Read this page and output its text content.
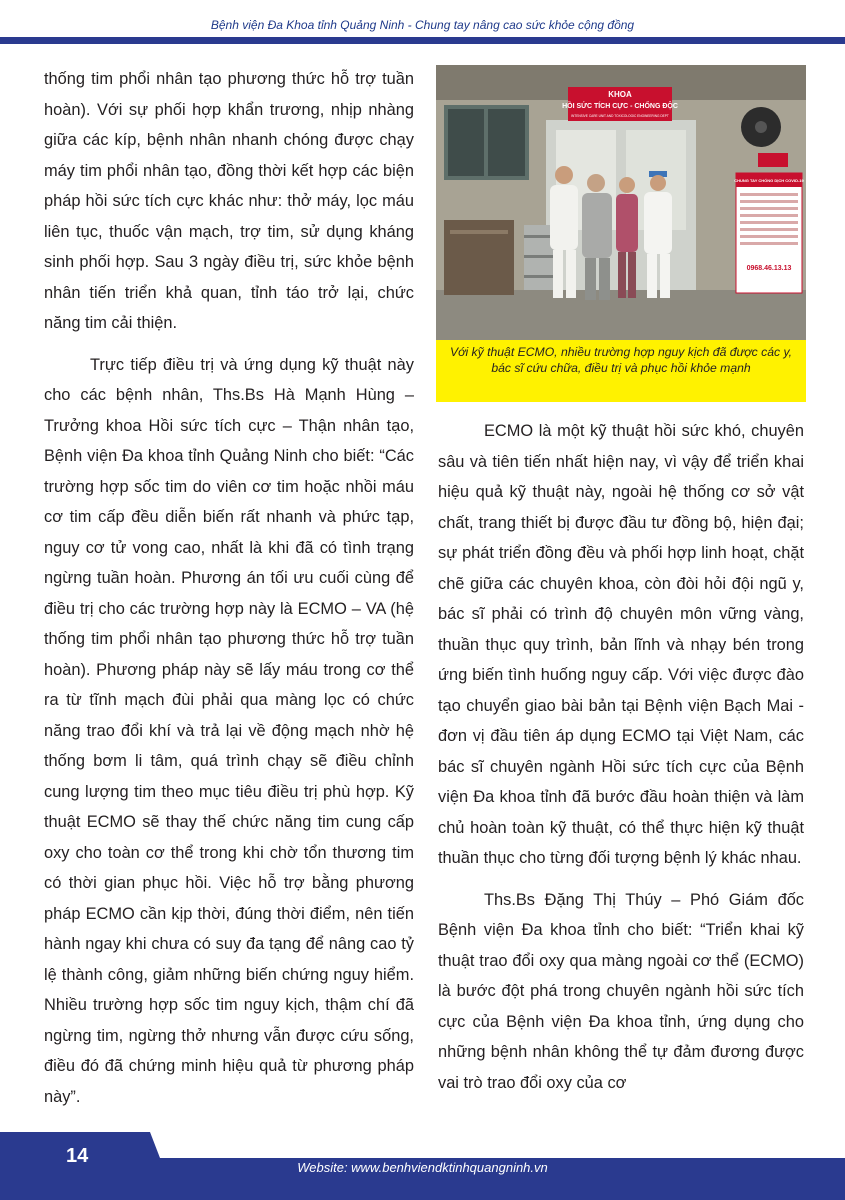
Bệnh viện Đa Khoa tỉnh Quảng Ninh - Chung tay nâng cao sức khỏe cộng đồng

thống tim phổi nhân tạo phương thức hỗ trợ tuần hoàn). Với sự phối hợp khẩn trương, nhịp nhàng giữa các kíp, bệnh nhân nhanh chóng được chạy máy tim phổi nhân tạo, đồng thời kết hợp các biện pháp hồi sức tích cực khác như: thở máy, lọc máu liên tục, thuốc vận mạch, trợ tim, sử dụng kháng sinh phối hợp. Sau 3 ngày điều trị, sức khỏe bệnh nhân tiến triển khả quan, tỉnh táo trở lại, chức năng tim cải thiện.

Trực tiếp điều trị và ứng dụng kỹ thuật này cho các bệnh nhân, Ths.Bs Hà Mạnh Hùng – Trưởng khoa Hồi sức tích cực – Thận nhân tạo, Bệnh viện Đa khoa tỉnh Quảng Ninh cho biết: “Các trường hợp sốc tim do viên cơ tim hoặc nhồi máu cơ tim cấp đều diễn biến rất nhanh và phức tạp, nguy cơ tử vong cao, nhất là khi đã có tình trạng ngừng tuần hoàn. Phương án tối ưu cuối cùng để điều trị cho các trường hợp này là ECMO – VA (hệ thống tim phổi nhân tạo phương thức hỗ trợ tuần hoàn). Phương pháp này sẽ lấy máu trong cơ thể ra từ tĩnh mạch đùi phải qua màng lọc có chức năng trao đổi khí và trả lại về động mạch nhờ hệ thống bơm li tâm, quá trình chạy sẽ điều chỉnh cung lượng tim theo mục tiêu điều trị phù hợp. Kỹ thuật ECMO sẽ thay thế chức năng tim cung cấp oxy cho toàn cơ thể trong khi chờ tổn thương tim có thời gian phục hồi. Việc hỗ trợ bằng phương pháp ECMO cần kịp thời, đúng thời điểm, nên tiến hành ngay khi chưa có suy đa tạng để nâng cao tỷ lệ thành công, giảm những biến chứng nguy hiểm. Nhiều trường hợp sốc tim nguy kịch, thậm chí đã ngừng tim, ngừng thở nhưng vẫn được cứu sống, điều đó đã chứng minh hiệu quả từ phương pháp này”.

KHOA
HỒI SỨC TÍCH CỰC - CHỐNG ĐỘC
INTENSIVE CARE UNIT AND TOXICOLOGIC ENGINEERING DEPT
CHUNG TAY CHỐNG DỊCH COVID-19
0968.46.13.13
Với kỹ thuật ECMO, nhiều trường hợp nguy kịch đã được các y, bác sĩ cứu chữa, điều trị và phục hồi khỏe mạnh

ECMO là một kỹ thuật hồi sức khó, chuyên sâu và tiên tiến nhất hiện nay, vì vậy để triển khai hiệu quả kỹ thuật này, ngoài hệ thống cơ sở vật chất, trang thiết bị được đầu tư đồng bộ, hiện đại; sự phát triển đồng đều và phối hợp linh hoạt, chặt chẽ giữa các chuyên khoa, còn đòi hỏi đội ngũ y, bác sĩ phải có trình độ chuyên môn vững vàng, thuần thục quy trình, bản lĩnh và nhạy bén trong ứng biến tình huống nguy cấp. Với việc được đào tạo chuyển giao bài bản tại Bệnh viện Bạch Mai - đơn vị đầu tiên áp dụng ECMO tại Việt Nam, các bác sĩ chuyên ngành Hồi sức tích cực của Bệnh viện Đa khoa tỉnh đã bước đầu hoàn thiện và làm chủ hoàn toàn kỹ thuật, có thể thực hiện kỹ thuật thuần thục cho từng đối tượng bệnh lý khác nhau.

Ths.Bs Đặng Thị Thúy – Phó Giám đốc Bệnh viện Đa khoa tỉnh cho biết: “Triển khai kỹ thuật trao đổi oxy qua màng ngoài cơ thể (ECMO) là bước đột phá trong chuyên ngành hồi sức tích cực của Bệnh viện Đa khoa tỉnh, ứng dụng cho những bệnh nhân không thể tự đảm đương được vai trò trao đổi oxy của cơ

14
Website: www.benhviendktinhquangninh.vn
